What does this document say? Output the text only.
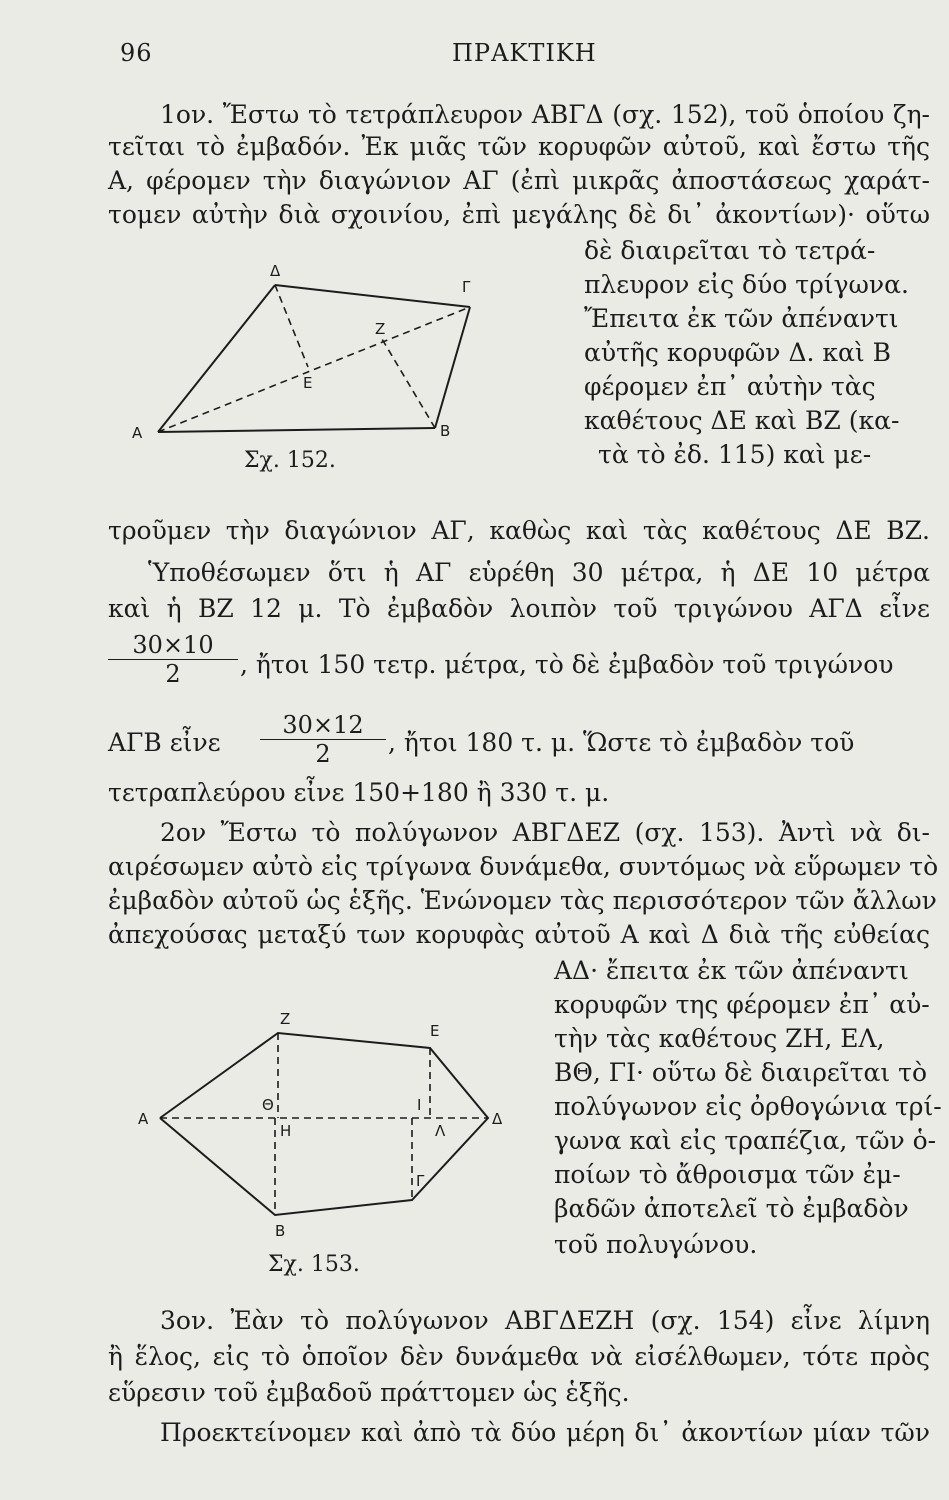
96	ΠΡΑΚΤΙΚΗ
1ον. Ἔστω τὸ τετράπλευρον ΑΒΓΔ (σχ. 152), τοῦ ὁποίου ζη-
τεῖται τὸ ἐμβαδόν. Ἐκ μιᾶς τῶν κορυφῶν αὐτοῦ, καὶ ἔστω τῆς
Α, φέρομεν τὴν διαγώνιον ΑΓ (ἐπὶ μικρᾶς ἀποστάσεως χαράτ-
τομεν αὐτὴν διὰ σχοινίου, ἐπὶ μεγάλης δὲ δι᾽ ἀκοντίων)· οὕτω
δὲ διαιρεῖται τὸ τετρά-
πλευρον εἰς δύο τρίγωνα.
Ἔπειτα ἐκ τῶν ἀπέναντι
αὐτῆς κορυφῶν Δ. καὶ Β
φέρομεν ἐπ᾽ αὐτὴν τὰς
καθέτους ΔΕ καὶ ΒΖ (κα-
τὰ τὸ ἐδ. 115) καὶ με-
Α
Δ
Γ
Β
Ε
Ζ
Σχ. 152.
τροῦμεν τὴν διαγώνιον ΑΓ, καθὼς καὶ τὰς καθέτους ΔΕ ΒΖ.
Ὑποθέσωμεν ὅτι ἡ ΑΓ εὑρέθη 30 μέτρα, ἡ ΔΕ 10 μέτρα
καὶ ἡ ΒΖ 12 μ. Τὸ ἐμβαδὸν λοιπὸν τοῦ τριγώνου ΑΓΔ εἶνε
30×10
2	, ἤτοι 150 τετρ. μέτρα, τὸ δὲ ἐμβαδὸν τοῦ τριγώνου
ΑΓΒ εἶνε
30×12
2	, ἤτοι 180 τ. μ. Ὥστε τὸ ἐμβαδὸν τοῦ
τετραπλεύρου εἶνε 150+180 ἢ 330 τ. μ.
2ον Ἔστω τὸ πολύγωνον ΑΒΓΔΕΖ (σχ. 153). Ἀντὶ νὰ δι-
αιρέσωμεν αὐτὸ εἰς τρίγωνα δυνάμεθα, συντόμως νὰ εὕρωμεν τὸ
ἐμβαδὸν αὐτοῦ ὡς ἑξῆς. Ἑνώνομεν τὰς περισσότερον τῶν ἄλλων
ἀπεχούσας μεταξύ των κορυφὰς αὐτοῦ Α καὶ Δ διὰ τῆς εὐθείας
ΑΔ· ἔπειτα ἐκ τῶν ἀπέναντι
κορυφῶν της φέρομεν ἐπ᾽ αὐ-
τὴν τὰς καθέτους ΖΗ, ΕΛ,
ΒΘ, ΓΙ· οὕτω δὲ διαιρεῖται τὸ
πολύγωνον εἰς ὀρθογώνια τρί-
γωνα καὶ εἰς τραπέζια, τῶν ὁ-
ποίων τὸ ἄθροισμα τῶν ἐμ-
βαδῶν ἀποτελεῖ τὸ ἐμβαδὸν
τοῦ πολυγώνου.
Α
Ζ
Ε
Δ
Γ
Β
Θ
Η
Ι
Λ
Σχ. 153.
3ον. Ἐὰν τὸ πολύγωνον ΑΒΓΔΕΖΗ (σχ. 154) εἶνε λίμνη
ἢ ἕλος, εἰς τὸ ὁποῖον δὲν δυνάμεθα νὰ εἰσέλθωμεν, τότε πρὸς
εὕρεσιν τοῦ ἐμβαδοῦ πράττομεν ὡς ἑξῆς.
Προεκτείνομεν καὶ ἀπὸ τὰ δύο μέρη δι᾽ ἀκοντίων μίαν τῶν
